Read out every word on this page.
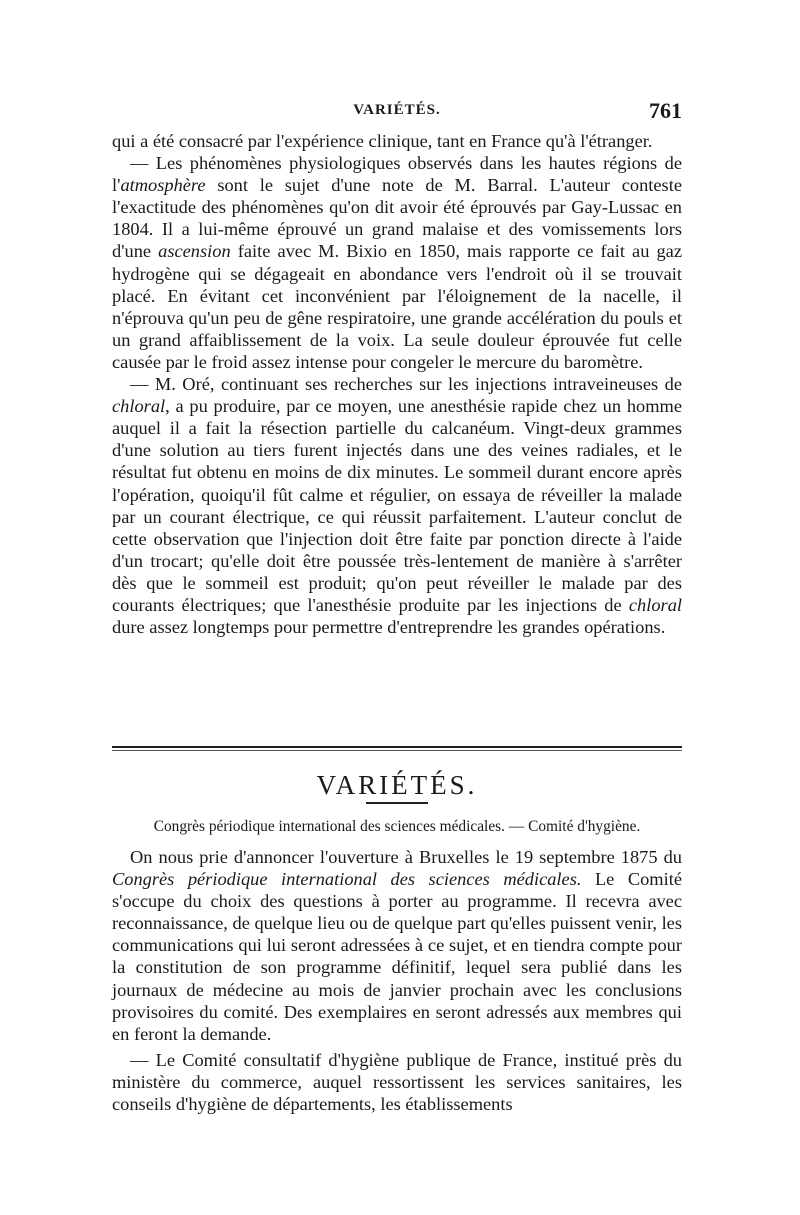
VARIÉTÉS.	761

qui a été consacré par l'expérience clinique, tant en France qu'à l'étranger.

— Les phénomènes physiologiques observés dans les hautes régions de l'atmosphère sont le sujet d'une note de M. Barral. L'auteur conteste l'exactitude des phénomènes qu'on dit avoir été éprouvés par Gay-Lussac en 1804. Il a lui-même éprouvé un grand malaise et des vomissements lors d'une ascension faite avec M. Bixio en 1850, mais rapporte ce fait au gaz hydrogène qui se dégageait en abondance vers l'endroit où il se trouvait placé. En évitant cet inconvénient par l'éloignement de la nacelle, il n'éprouva qu'un peu de gêne respiratoire, une grande accélération du pouls et un grand affaiblissement de la voix. La seule douleur éprouvée fut celle causée par le froid assez intense pour congeler le mercure du baromètre.

— M. Oré, continuant ses recherches sur les injections intraveineuses de chloral, a pu produire, par ce moyen, une anesthésie rapide chez un homme auquel il a fait la résection partielle du calcanéum. Vingt-deux grammes d'une solution au tiers furent injectés dans une des veines radiales, et le résultat fut obtenu en moins de dix minutes. Le sommeil durant encore après l'opération, quoiqu'il fût calme et régulier, on essaya de réveiller la malade par un courant électrique, ce qui réussit parfaitement. L'auteur conclut de cette observation que l'injection doit être faite par ponction directe à l'aide d'un trocart; qu'elle doit être poussée très-lentement de manière à s'arrêter dès que le sommeil est produit; qu'on peut réveiller le malade par des courants électriques; que l'anesthésie produite par les injections de chloral dure assez longtemps pour permettre d'entreprendre les grandes opérations.

VARIÉTÉS.
Congrès périodique international des sciences médicales. — Comité d'hygiène.

On nous prie d'annoncer l'ouverture à Bruxelles le 19 septembre 1875 du Congrès périodique international des sciences médicales. Le Comité s'occupe du choix des questions à porter au programme. Il recevra avec reconnaissance, de quelque lieu ou de quelque part qu'elles puissent venir, les communications qui lui seront adressées à ce sujet, et en tiendra compte pour la constitution de son programme définitif, lequel sera publié dans les journaux de médecine au mois de janvier prochain avec les conclusions provisoires du comité. Des exemplaires en seront adressés aux membres qui en feront la demande.

— Le Comité consultatif d'hygiène publique de France, institué près du ministère du commerce, auquel ressortissent les services sanitaires, les conseils d'hygiène de départements, les établissements
